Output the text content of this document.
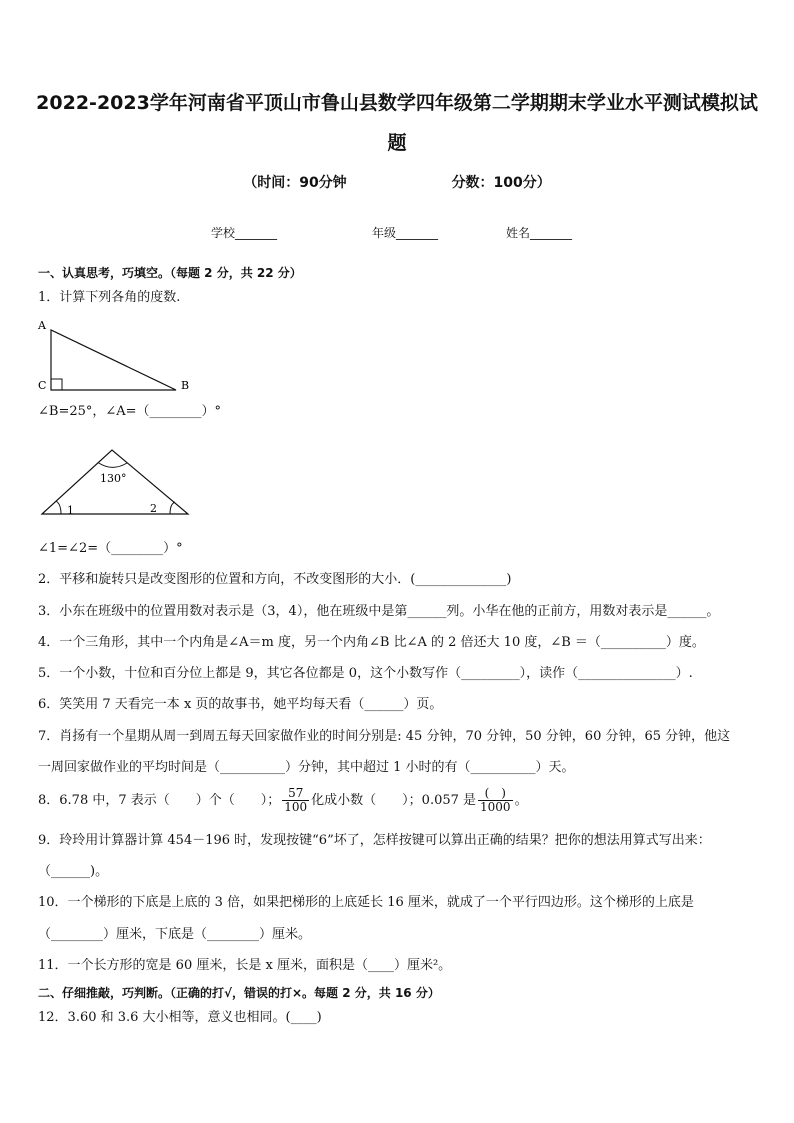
2022-2023学年河南省平顶山市鲁山县数学四年级第二学期期末学业水平测试模拟试
题
（时间：90分钟	分数：100分）
学校_______	年级_______	姓名_______
一、认真思考，巧填空。（每题 2 分，共 22 分）
1．计算下列各角的度数.
A
C	B
∠B=25°，∠A=（________）°
130°
1	2
∠1=∠2=（________）°
2．平移和旋转只是改变图形的位置和方向，不改变图形的大小．(______________)
3．小东在班级中的位置用数对表示是（3，4），他在班级中是第______列。小华在他的正前方，用数对表示是______。
4．一个三角形，其中一个内角是∠A＝m 度，另一个内角∠B 比∠A 的 2 倍还大 10 度，∠B ＝（__________）度。
5．一个小数，十位和百分位上都是 9，其它各位都是 0，这个小数写作（_________），读作（_______________）.
6．笑笑用 7 天看完一本 x 页的故事书，她平均每天看（______）页。
7．肖扬有一个星期从周一到周五每天回家做作业的时间分别是: 45 分钟，70 分钟，50 分钟，60 分钟，65 分钟，他这
一周回家做作业的平均时间是（__________）分钟，其中超过 1 小时的有（__________）天。
8．6.78 中，7 表示（　　）个（　　）； $\frac{57}{100}$ 化成小数（　　）；0.057 是 $\frac{( )}{1000}$ 。
9．玲玲用计算器计算 454－196 时，发现按键“6”坏了，怎样按键可以算出正确的结果？把你的想法用算式写出来：
（______)。
10．一个梯形的下底是上底的 3 倍，如果把梯形的上底延长 16 厘米，就成了一个平行四边形。这个梯形的上底是
（________）厘米，下底是（________）厘米。
11．一个长方形的宽是 60 厘米，长是 x 厘米，面积是（____）厘米²。
二、仔细推敲，巧判断。（正确的打√，错误的打×。每题 2 分，共 16 分）
12．3.60 和 3.6 大小相等，意义也相同。(____)
